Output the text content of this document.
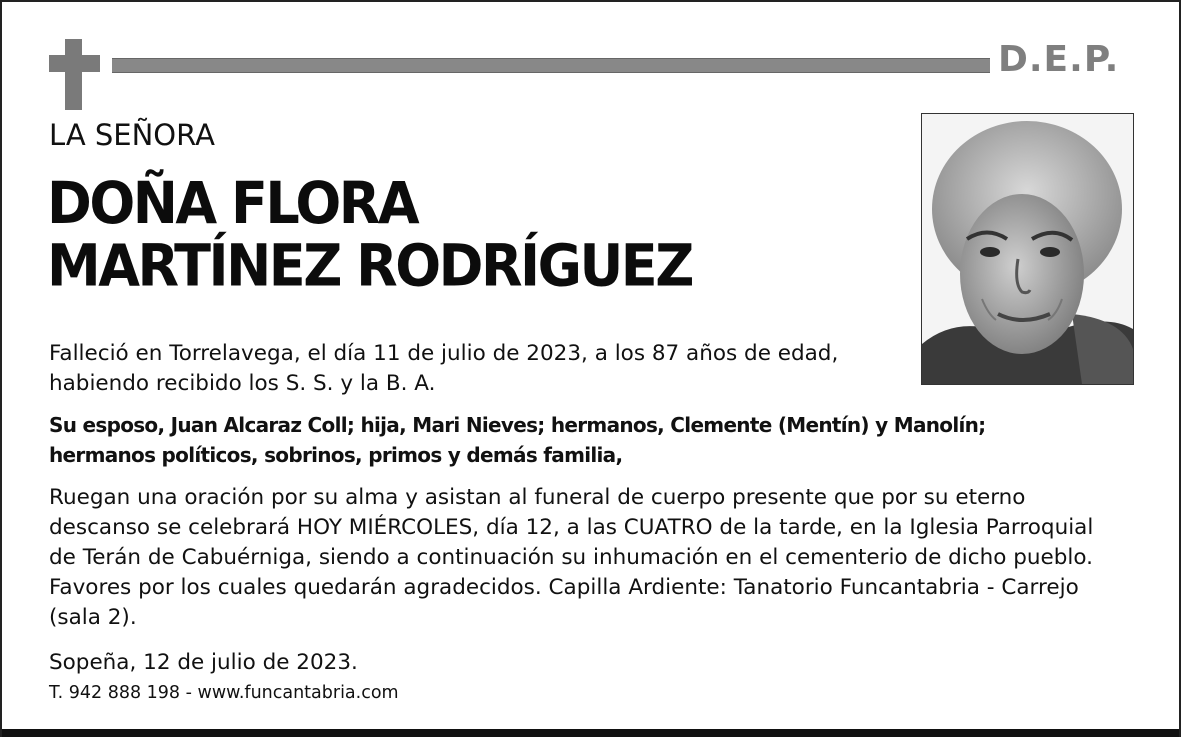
D.E.P.
LA SEÑORA
DOÑA FLORA
MARTÍNEZ RODRÍGUEZ
Falleció en Torrelavega, el día 11 de julio de 2023, a los 87 años de edad,
habiendo recibido los S. S. y la B. A.
Su esposo, Juan Alcaraz Coll; hija, Mari Nieves; hermanos, Clemente (Mentín) y Manolín;
hermanos políticos, sobrinos, primos y demás familia,
Ruegan una oración por su alma y asistan al funeral de cuerpo presente que por su eterno
descanso se celebrará HOY MIÉRCOLES, día 12, a las CUATRO de la tarde, en la Iglesia Parroquial
de Terán de Cabuérniga, siendo a continuación su inhumación en el cementerio de dicho pueblo.
Favores por los cuales quedarán agradecidos. Capilla Ardiente: Tanatorio Funcantabria - Carrejo
(sala 2).
Sopeña, 12 de julio de 2023.
T. 942 888 198 - www.funcantabria.com
